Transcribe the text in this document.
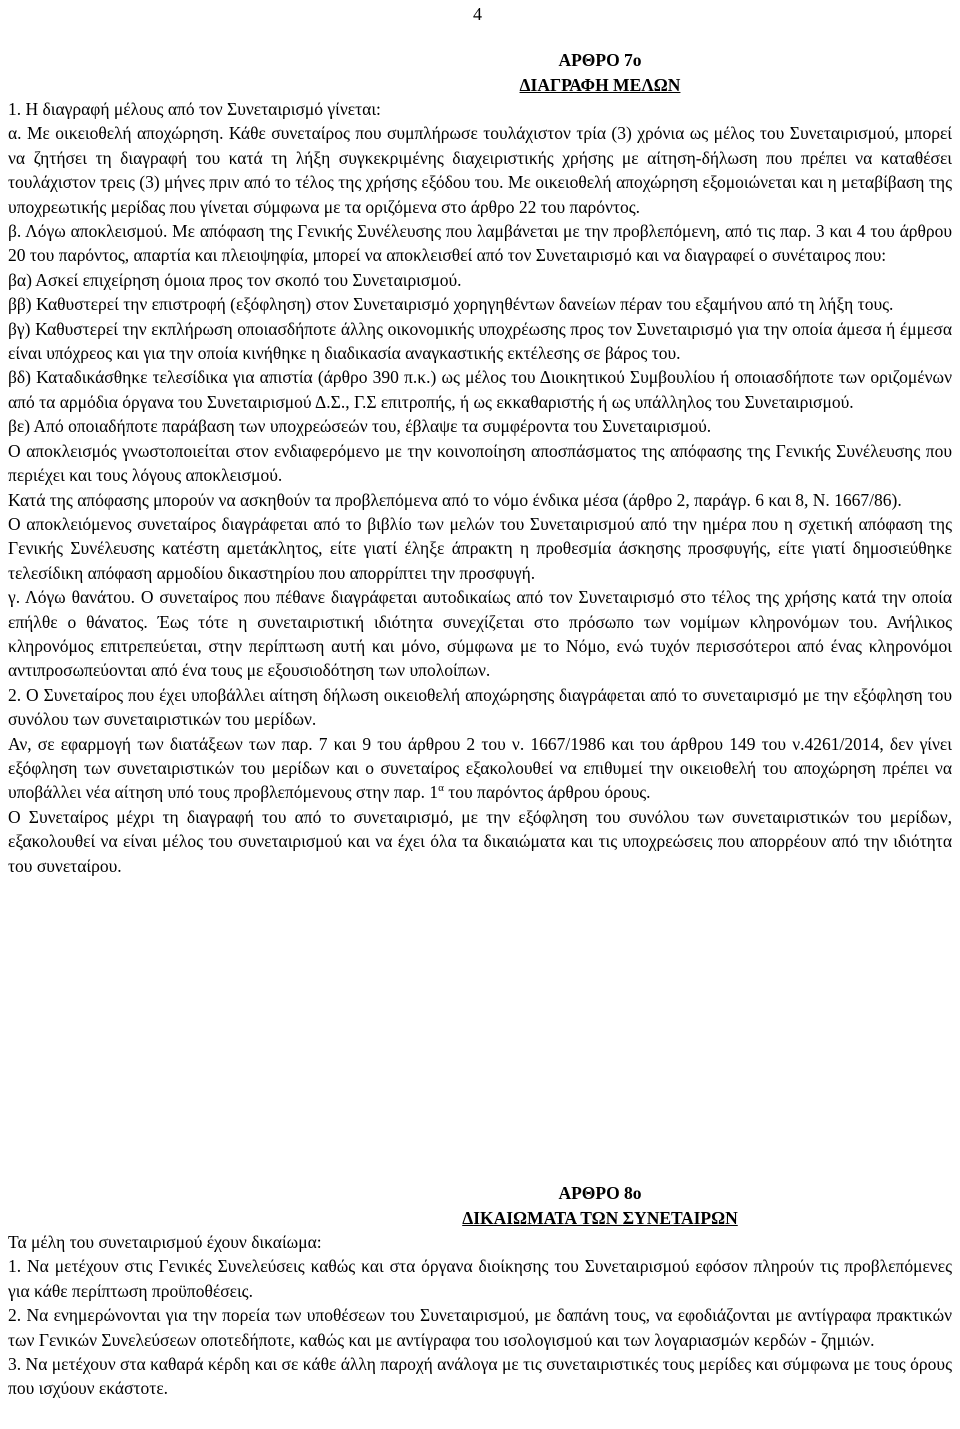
4
ΑΡΘΡΟ 7ο
ΔΙΑΓΡΑΦΗ ΜΕΛΩΝ

1. Η διαγραφή μέλους από τον Συνεταιρισμό γίνεται:

α. Με οικειοθελή αποχώρηση. Κάθε συνεταίρος που συμπλήρωσε τουλάχιστον τρία (3) χρόνια ως μέλος του Συνεταιρισμού, μπορεί να ζητήσει τη διαγραφή του κατά τη λήξη συγκεκριμένης διαχειριστικής χρήσης με αίτηση-δήλωση που πρέπει να καταθέσει τουλάχιστον τρεις (3) μήνες πριν από το τέλος της χρήσης εξόδου του. Με οικειοθελή αποχώρηση εξομοιώνεται και η μεταβίβαση της υποχρεωτικής μερίδας που γίνεται σύμφωνα με τα οριζόμενα στο άρθρο 22 του παρόντος.

β. Λόγω αποκλεισμού. Με απόφαση της Γενικής Συνέλευσης που λαμβάνεται με την προβλεπόμενη, από τις παρ. 3 και 4 του άρθρου 20 του παρόντος, απαρτία και πλειοψηφία, μπορεί να αποκλεισθεί από τον Συνεταιρισμό και να διαγραφεί ο συνέταιρος που:

βα) Ασκεί επιχείρηση όμοια προς τον σκοπό του Συνεταιρισμού.

ββ) Καθυστερεί την επιστροφή (εξόφληση) στον Συνεταιρισμό χορηγηθέντων δανείων πέραν του εξαμήνου από τη λήξη τους.

βγ) Καθυστερεί την εκπλήρωση οποιασδήποτε άλλης οικονομικής υποχρέωσης προς τον Συνεταιρισμό για την οποία άμεσα ή έμμεσα είναι υπόχρεος και για την οποία κινήθηκε η διαδικασία αναγκαστικής εκτέλεσης σε βάρος του.

βδ) Καταδικάσθηκε τελεσίδικα για απιστία (άρθρο 390 π.κ.) ως μέλος του Διοικητικού Συμβουλίου ή οποιασδήποτε των οριζομένων από τα αρμόδια όργανα του Συνεταιρισμού Δ.Σ., Γ.Σ επιτροπής, ή ως εκκαθαριστής ή ως υπάλληλος του Συνεταιρισμού.

βε) Από οποιαδήποτε παράβαση των υποχρεώσεών του, έβλαψε τα συμφέροντα του Συνεταιρισμού.

Ο αποκλεισμός γνωστοποιείται στον ενδιαφερόμενο με την κοινοποίηση αποσπάσματος της απόφασης της Γενικής Συνέλευσης που περιέχει και τους λόγους αποκλεισμού.

Κατά της απόφασης μπορούν να ασκηθούν τα προβλεπόμενα από το νόμο ένδικα μέσα (άρθρο 2, παράγρ. 6 και 8, Ν. 1667/86).

Ο αποκλειόμενος συνεταίρος διαγράφεται από το βιβλίο των μελών του Συνεταιρισμού από την ημέρα που η σχετική απόφαση της Γενικής Συνέλευσης κατέστη αμετάκλητος, είτε γιατί έληξε άπρακτη η προθεσμία άσκησης προσφυγής, είτε γιατί δημοσιεύθηκε τελεσίδικη απόφαση αρμοδίου δικαστηρίου που απορρίπτει την προσφυγή.

γ. Λόγω θανάτου. Ο συνεταίρος που πέθανε διαγράφεται αυτοδικαίως από τον Συνεταιρισμό στο τέλος της χρήσης κατά την οποία επήλθε ο θάνατος. Έως τότε η συνεταιριστική ιδιότητα συνεχίζεται στο πρόσωπο των νομίμων κληρονόμων του. Ανήλικος κληρονόμος επιτρεπεύεται, στην περίπτωση αυτή και μόνο, σύμφωνα με το Νόμο, ενώ τυχόν περισσότεροι από ένας κληρονόμοι αντιπροσωπεύονται από ένα τους με εξουσιοδότηση των υπολοίπων.

2. Ο Συνεταίρος που έχει υποβάλλει αίτηση δήλωση οικειοθελή αποχώρησης διαγράφεται από το συνεταιρισμό με την εξόφληση του συνόλου των συνεταιριστικών του μερίδων.

Αν, σε εφαρμογή των διατάξεων των παρ. 7 και 9 του άρθρου 2 του ν. 1667/1986 και του άρθρου 149 του ν.4261/2014, δεν γίνει εξόφληση των συνεταιριστικών του μερίδων και ο συνεταίρος εξακολουθεί να επιθυμεί την οικειοθελή του αποχώρηση πρέπει να υποβάλλει νέα αίτηση υπό τους προβλεπόμενους στην παρ. $1^\alpha$ του παρόντος άρθρου όρους.

Ο Συνεταίρος μέχρι τη διαγραφή του από το συνεταιρισμό, με την εξόφληση του συνόλου των συνεταιριστικών του μερίδων, εξακολουθεί να είναι μέλος του συνεταιρισμού και να έχει όλα τα δικαιώματα και τις υποχρεώσεις που απορρέουν από την ιδιότητα του συνεταίρου.

ΑΡΘΡΟ 8ο
ΔΙΚΑΙΩΜΑΤΑ ΤΩΝ ΣΥΝΕΤΑΙΡΩΝ

Τα μέλη του συνεταιρισμού έχουν δικαίωμα:

1. Να μετέχουν στις Γενικές Συνελεύσεις καθώς και στα όργανα διοίκησης του Συνεταιρισμού εφόσον πληρούν τις προβλεπόμενες για κάθε περίπτωση προϋποθέσεις.

2. Να ενημερώνονται για την πορεία των υποθέσεων του Συνεταιρισμού, με δαπάνη τους, να εφοδιάζονται με αντίγραφα πρακτικών των Γενικών Συνελεύσεων οποτεδήποτε, καθώς και με αντίγραφα του ισολογισμού και των λογαριασμών κερδών - ζημιών.

3. Να μετέχουν στα καθαρά κέρδη και σε κάθε άλλη παροχή ανάλογα με τις συνεταιριστικές τους μερίδες και σύμφωνα με τους όρους που ισχύουν εκάστοτε.
